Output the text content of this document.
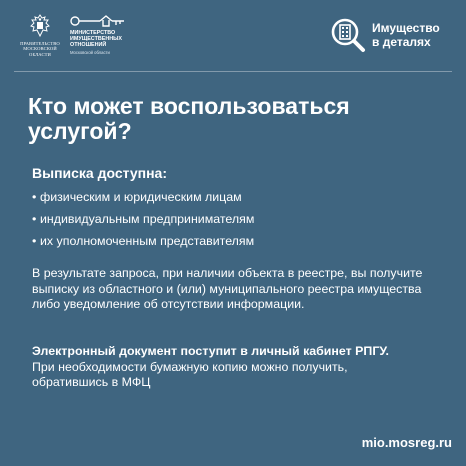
ПРАВИТЕЛЬСТВО
МОСКОВСКОЙ
ОБЛАСТИ
МИНИСТЕРСТВО
ИМУЩЕСТВЕННЫХ
ОТНОШЕНИЙ
Московской области
Имущество
в деталях
Кто может воспользоваться услугой?
Выписка доступна:
• физическим и юридическим лицам
• индивидуальным предпринимателям
• их уполномоченным представителям

В результате запроса, при наличии объекта в реестре, вы получите выписку из областного и (или) муниципального реестра имущества либо уведомление об отсутствии информации.

Электронный документ поступит в личный кабинет РПГУ.
При необходимости бумажную копию можно получить,
обратившись в МФЦ

mio.mosreg.ru
